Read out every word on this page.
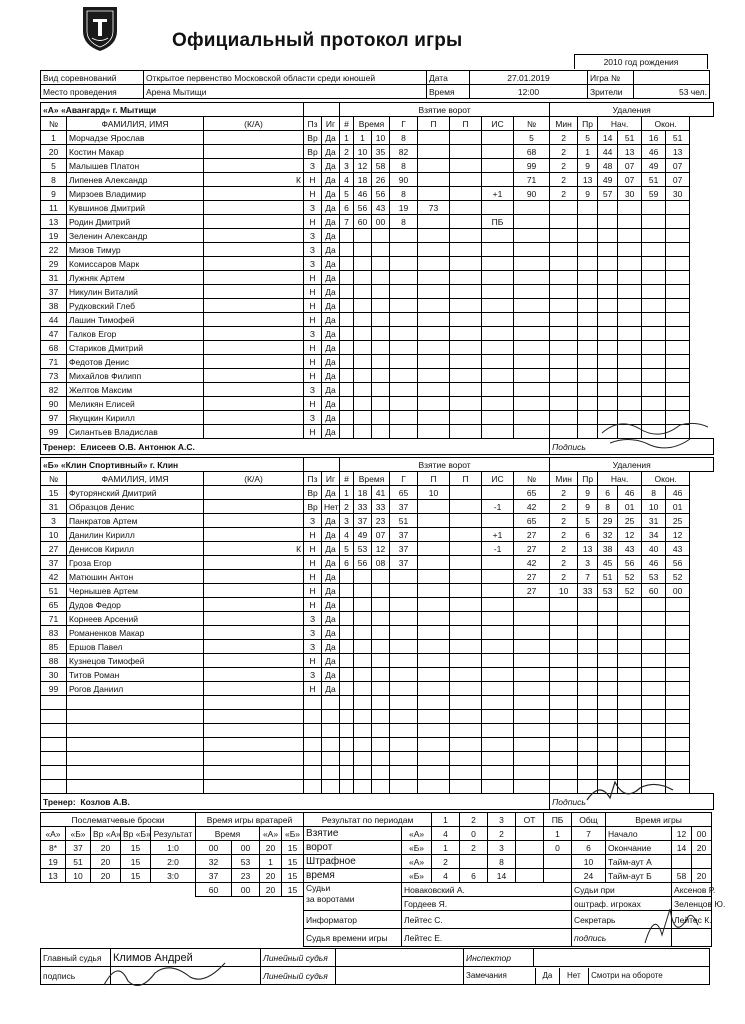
Официальный протокол игры
2010 год рождения
Вид соревнований	Открытое первенство Московской области среди юношей	Дата	27.01.2019	Игра №	
Место проведения	Арена Мытищи	Время	12:00	Зрители	53 чел.
«А» «Авангард» г. Мытищи					Взятие ворот								Удаления					
№	ФАМИЛИЯ, ИМЯ	(К/А)	Пз	Иг	#	Время		Г	П	П	ИС	№	Мин	Пр	Нач.		Окон.	
1	Морчадзе Ярослав		Вр	Да	1	1	10	8				5	2	5	14	51	16	51
20	Костин Макар		Вр	Да	2	10	35	82				68	2	1	44	13	46	13
5	Малышев Платон		З	Да	3	12	58	8				99	2	9	48	07	49	07
8	Липенев Александр	К	Н	Да	4	18	26	90				71	2	13	49	07	51	07
9	Мирзоев Владимир		Н	Да	5	46	56	8			+1	90	2	9	57	30	59	30
11	Кувшинов Дмитрий		З	Да	6	56	43	19	73									
13	Родин Дмитрий		Н	Да	7	60	00	8			ПБ							
19	Зеленин Александр		З	Да														
22	Мизов Тимур		З	Да														
29	Комиссаров Марк		З	Да														
31	Лужняк Артем		Н	Да														
37	Никулин Виталий		Н	Да														
38	Рудковский Глеб		Н	Да														
44	Лашин Тимофей		Н	Да														
47	Галков Егор		З	Да														
68	Стариков Дмитрий		Н	Да														
71	Федотов Денис		Н	Да														
73	Михайлов Филипп		Н	Да														
82	Желтов Максим		З	Да														
90	Меликян Елисей		Н	Да														
97	Якущкин Кирилл		З	Да														
99	Силантьев Владислав		Н	Да														
Тренер: Елисеев О.В. Антонюк А.С.													Подпись					
«Б» «Клин Спортивный» г. Клин					Взятие ворот								Удаления					
№	ФАМИЛИЯ, ИМЯ	(К/А)	Пз	Иг	#	Время		Г	П	П	ИС	№	Мин	Пр	Нач.		Окон.	
15	Футорянский Дмитрий		Вр	Да	1	18	41	65	10			65	2	9	6	46	8	46
31	Образцов Денис		Вр	Нет	2	33	33	37			-1	42	2	9	8	01	10	01
3	Панкратов Артем		З	Да	3	37	23	51				65	2	5	29	25	31	25
10	Данилин Кирилл		Н	Да	4	49	07	37			+1	27	2	6	32	12	34	12
27	Денисов Кирилл	К	Н	Да	5	53	12	37			-1	27	2	13	38	43	40	43
37	Гроза Егор		Н	Да	6	56	08	37				42	2	3	45	56	46	56
42	Матюшин Антон		Н	Да								27	2	7	51	52	53	52
51	Чернышев Артем		Н	Да								27	10	33	53	52	60	00
65	Дудов Федор		Н	Да														
71	Корнеев Арсений		З	Да														
83	Романенков Макар		З	Да														
85	Ершов Павел		З	Да														
88	Кузнецов Тимофей		Н	Да														
30	Титов Роман		З	Да														
99	Рогов Даниил		Н	Да														

Тренер: Козлов А.В.													Подпись					
Послематчевые броски					Время игры вратарей				Результат по периодам		1	2	3	ОТ	ПБ	Общ	Время игры		
«А»	«Б»	Вр «А»	Вр «Б»	Результат	Время		«А»	«Б»	Взятие	«А»	4	0	2		1	7	Начало	12	00
8*	37	20	15	1:0	00	00	20	15	ворот	«Б»	1	2	3		0	6	Окончание	14	20
19	51	20	15	2:0	32	53	1	15	Штрафное	«А»	2		8			10	Тайм-аут А		
13	10	20	15	3:0	37	23	20	15	время	«Б»	4	6	14			24	Тайм-аут Б	58	20
					60	00	20	15	Судьи
за воротами	Новаковский А.						Судьи при		Аксенов Р.	
										Гордеев Я.						оштраф. игроках		Зеленцов Ю.	
									Информатор	Лейтес С.						Секретарь		Лейтес К.	
									Судья времени игры	Лейтес Е.						подпись			
Главный судья	Климов Андрей	Линейный судья		Инспектор	
подпись		Линейный судья			Замечания	Да	Нет	Смотри на обороте
